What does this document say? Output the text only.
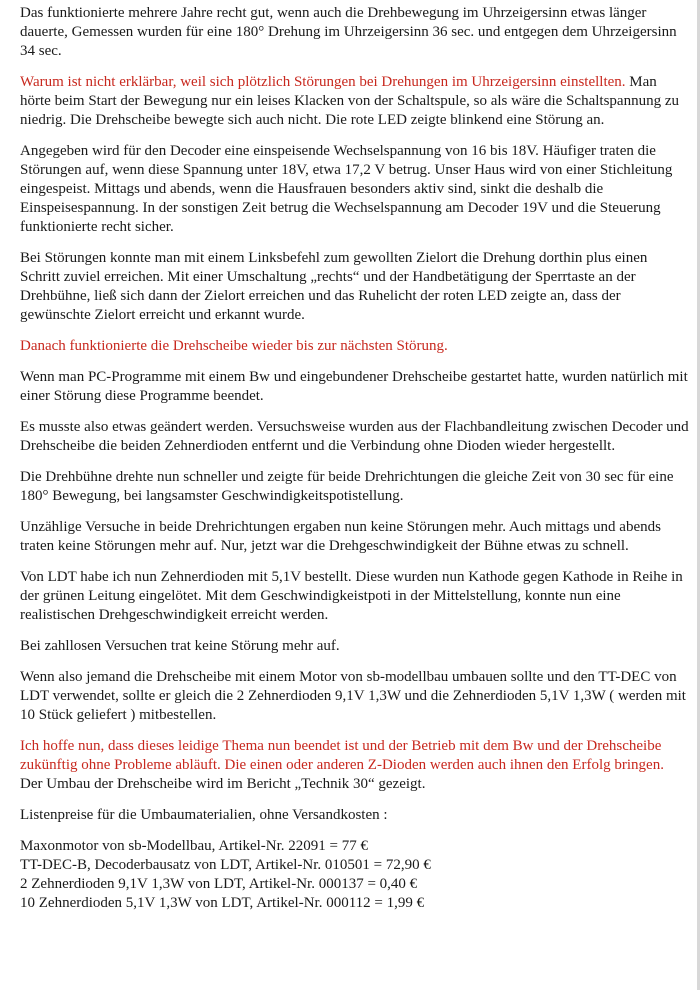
Das funktionierte mehrere Jahre recht gut, wenn auch die Drehbewegung im Uhrzeigersinn etwas länger dauerte, Gemessen wurden für eine 180° Drehung im Uhrzeigersinn 36 sec. und entgegen dem Uhrzeigersinn 34 sec.

Warum ist nicht erklärbar, weil sich plötzlich Störungen bei Drehungen im Uhrzeigersinn einstellten. Man hörte beim Start der Bewegung nur ein leises Klacken von der Schaltspule, so als wäre die Schaltspannung zu niedrig. Die Drehscheibe bewegte sich auch nicht. Die rote LED zeigte blinkend eine Störung an.

Angegeben wird für den Decoder eine einspeisende Wechselspannung von 16 bis 18V. Häufiger traten die Störungen auf, wenn diese Spannung unter 18V, etwa 17,2 V betrug. Unser Haus wird von einer Stichleitung eingespeist. Mittags und abends, wenn die Hausfrauen besonders aktiv sind, sinkt die deshalb die Einspeisespannung. In der sonstigen Zeit betrug die Wechselspannung am Decoder 19V und die Steuerung funktionierte recht sicher.

Bei Störungen konnte man mit einem Linksbefehl zum gewollten Zielort die Drehung dorthin plus einen Schritt zuviel erreichen. Mit einer Umschaltung „rechts“ und der Handbetätigung der Sperrtaste an der Drehbühne, ließ sich dann der Zielort erreichen und das Ruhelicht der roten LED zeigte an, dass der gewünschte Zielort erreicht und erkannt wurde.

Danach funktionierte die Drehscheibe wieder bis zur nächsten Störung.

Wenn man PC-Programme mit einem Bw und eingebundener Drehscheibe gestartet hatte, wurden natürlich mit einer Störung diese Programme beendet.

Es musste also etwas geändert werden. Versuchsweise wurden aus der Flachbandleitung zwischen Decoder und Drehscheibe die beiden Zehnerdioden entfernt und die Verbindung ohne Dioden wieder hergestellt.

Die Drehbühne drehte nun schneller und zeigte für beide Drehrichtungen die gleiche Zeit von 30 sec für eine 180° Bewegung, bei langsamster Geschwindigkeitspotistellung.

Unzählige Versuche in beide Drehrichtungen ergaben nun keine Störungen mehr. Auch mittags und abends traten keine Störungen mehr auf. Nur, jetzt war die Drehgeschwindigkeit der Bühne etwas zu schnell.

Von LDT habe ich nun Zehnerdioden mit 5,1V bestellt. Diese wurden nun Kathode gegen Kathode in Reihe in der grünen Leitung eingelötet. Mit dem Geschwindigkeistpoti in der Mittelstellung, konnte nun eine realistischen Drehgeschwindigkeit erreicht werden.

Bei zahllosen Versuchen trat keine Störung mehr auf.

Wenn also jemand die Drehscheibe mit einem Motor von sb-modellbau umbauen sollte und den TT-DEC von LDT verwendet, sollte er gleich die 2 Zehnerdioden 9,1V 1,3W und die Zehnerdioden 5,1V 1,3W ( werden mit 10 Stück geliefert ) mitbestellen.

Ich hoffe nun, dass dieses leidige Thema nun beendet ist und der Betrieb mit dem Bw und der Drehscheibe zukünftig ohne Probleme abläuft. Die einen oder anderen Z-Dioden werden auch ihnen den Erfolg bringen. Der Umbau der Drehscheibe wird im Bericht „Technik 30“ gezeigt.

Listenpreise für die Umbaumaterialien, ohne Versandkosten :

Maxonmotor von sb-Modellbau, Artikel-Nr. 22091 = 77 €
TT-DEC-B, Decoderbausatz von LDT, Artikel-Nr. 010501 = 72,90 €
2 Zehnerdioden 9,1V 1,3W von LDT, Artikel-Nr. 000137 = 0,40 €
10 Zehnerdioden 5,1V 1,3W von LDT, Artikel-Nr. 000112 = 1,99 €
